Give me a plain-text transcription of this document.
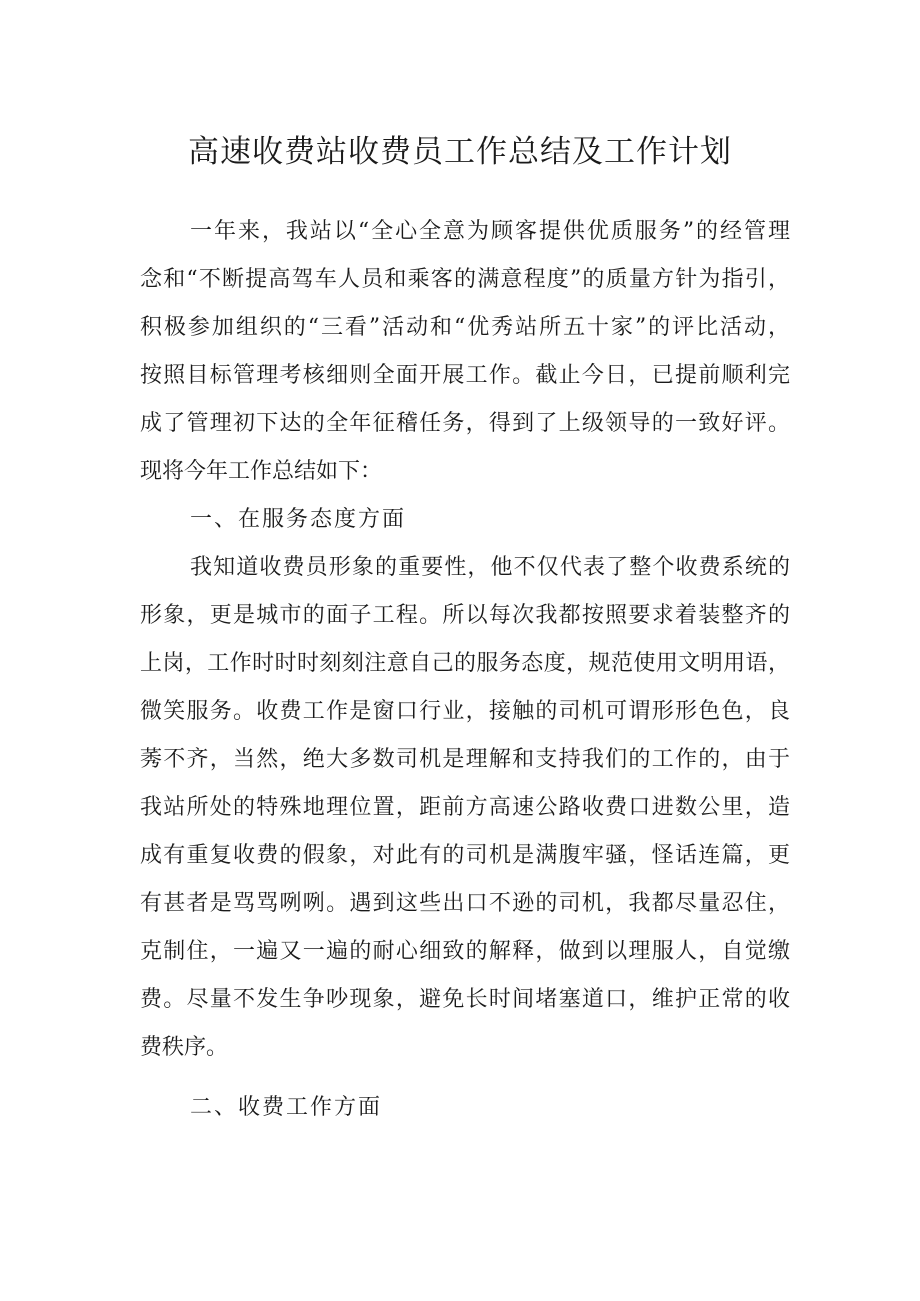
高速收费站收费员工作总结及工作计划

一年来，我站以“全心全意为顾客提供优质服务”的经管理

念和“不断提高驾车人员和乘客的满意程度”的质量方针为指引，

积极参加组织的“三看”活动和“优秀站所五十家”的评比活动，

按照目标管理考核细则全面开展工作。截止今日，已提前顺利完

成了管理初下达的全年征稽任务，得到了上级领导的一致好评。

现将今年工作总结如下：

一、在服务态度方面

我知道收费员形象的重要性，他不仅代表了整个收费系统的

形象，更是城市的面子工程。所以每次我都按照要求着装整齐的

上岗，工作时时时刻刻注意自己的服务态度，规范使用文明用语，

微笑服务。收费工作是窗口行业，接触的司机可谓形形色色，良

莠不齐，当然，绝大多数司机是理解和支持我们的工作的，由于

我站所处的特殊地理位置，距前方高速公路收费口进数公里，造

成有重复收费的假象，对此有的司机是满腹牢骚，怪话连篇，更

有甚者是骂骂咧咧。遇到这些出口不逊的司机，我都尽量忍住，

克制住，一遍又一遍的耐心细致的解释，做到以理服人，自觉缴

费。尽量不发生争吵现象，避免长时间堵塞道口，维护正常的收

费秩序。

二、收费工作方面
